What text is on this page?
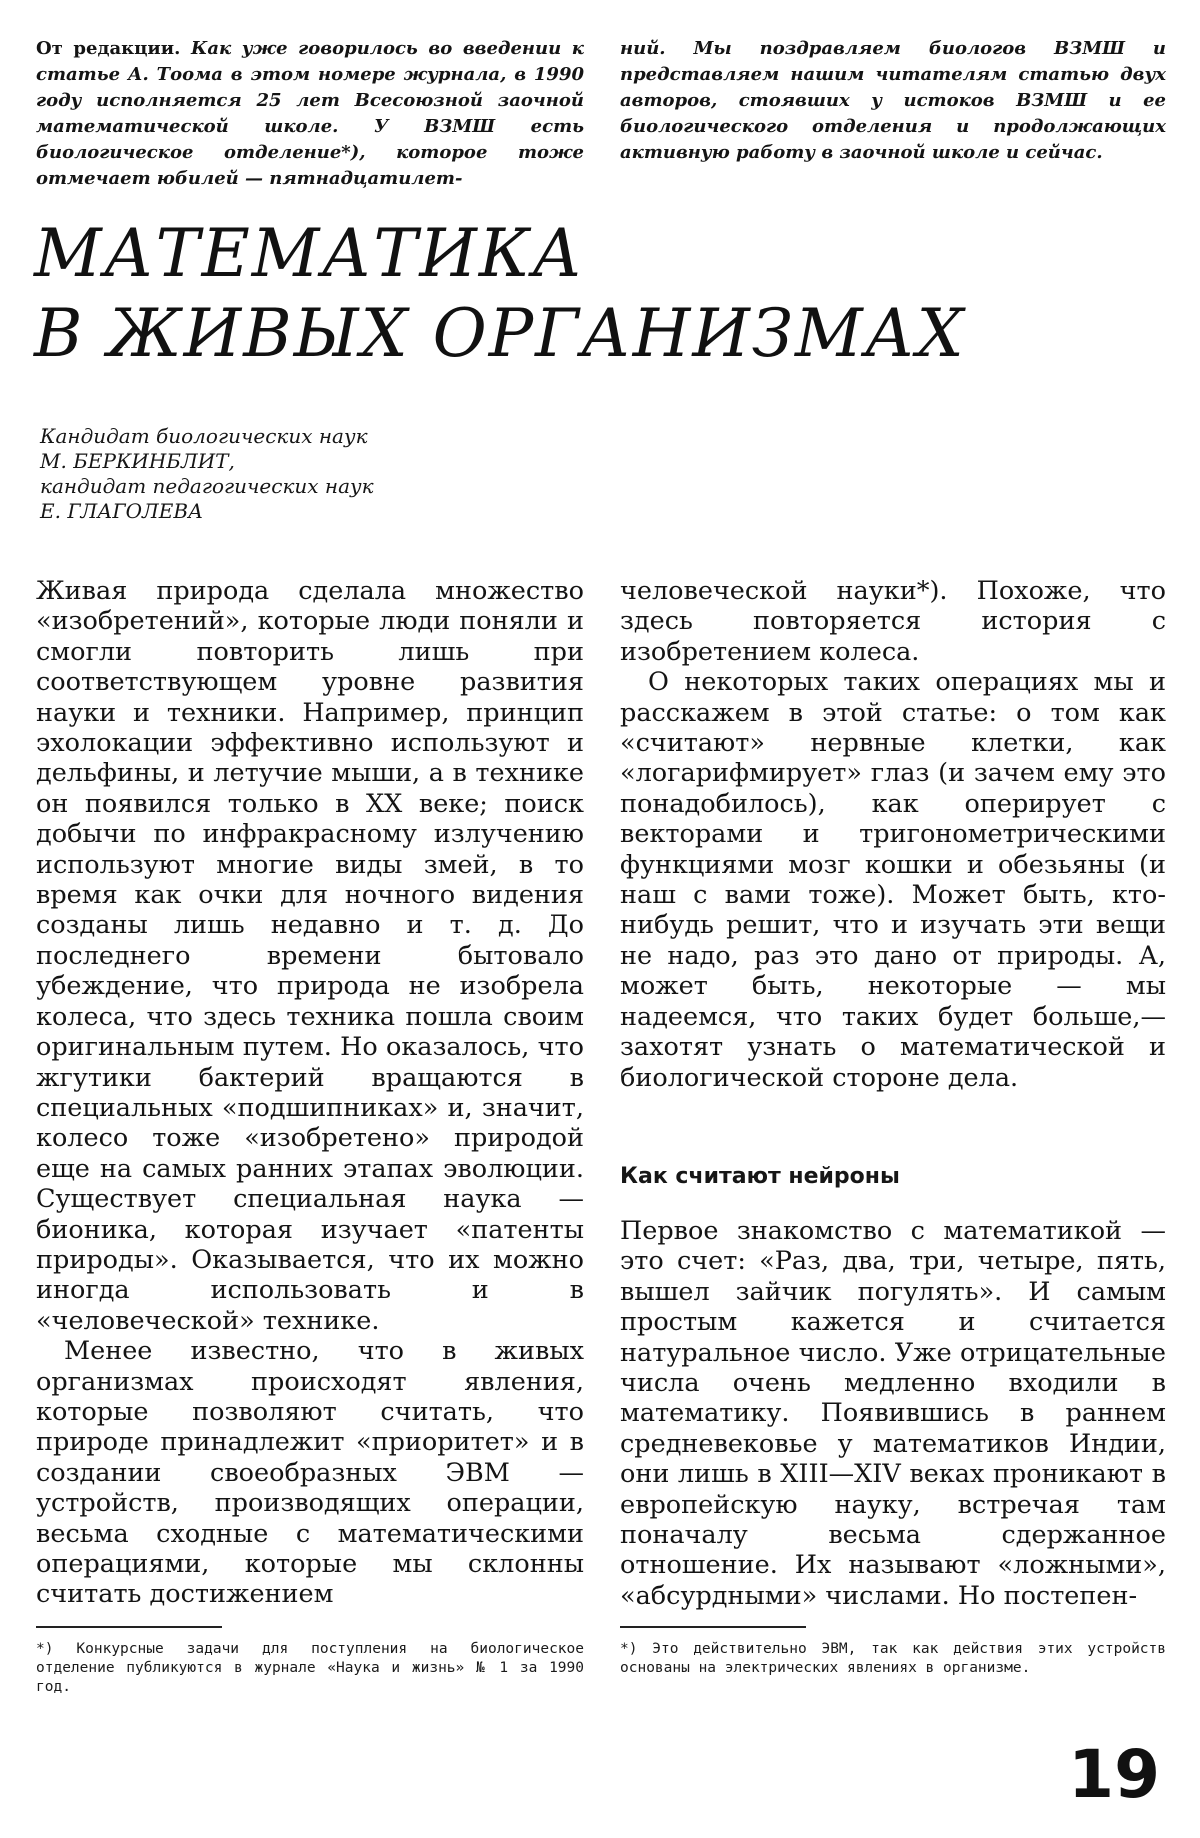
От редакции. Как уже говорилось во введении к статье А. Тоома в этом номере журнала, в 1990 году исполняется 25 лет Всесоюзной заочной математической школе. У ВЗМШ есть биологическое отделение*), которое тоже отмечает юбилей — пятнадцатилет-
ний. Мы поздравляем биологов ВЗМШ и представляем нашим читателям статью двух авторов, стоявших у истоков ВЗМШ и ее биологического отделения и продолжающих активную работу в заочной школе и сейчас.
МАТЕМАТИКА
В ЖИВЫХ ОРГАНИЗМАХ
Кандидат биологических наук
М. БЕРКИНБЛИТ,
кандидат педагогических наук
Е. ГЛАГОЛЕВА

Живая природа сделала множество «изобретений», которые люди поняли и смогли повторить лишь при соответствующем уровне развития науки и техники. Например, принцип эхолокации эффективно используют и дельфины, и летучие мыши, а в технике он появился только в XX веке; поиск добычи по инфракрасному излучению используют многие виды змей, в то время как очки для ночного видения созданы лишь недавно и т. д. До последнего времени бытовало убеждение, что природа не изобрела колеса, что здесь техника пошла своим оригинальным путем. Но оказалось, что жгутики бактерий вращаются в специальных «подшипниках» и, значит, колесо тоже «изобретено» природой еще на самых ранних этапах эволюции. Существует специальная наука — бионика, которая изучает «патенты природы». Оказывается, что их можно иногда использовать и в «человеческой» технике.

Менее известно, что в живых организмах происходят явления, которые позволяют считать, что природе принадлежит «приоритет» и в создании своеобразных ЭВМ — устройств, производящих операции, весьма сходные с математическими операциями, которые мы склонны считать достижением

человеческой науки*). Похоже, что здесь повторяется история с изобретением колеса.

О некоторых таких операциях мы и расскажем в этой статье: о том как «считают» нервные клетки, как «логарифмирует» глаз (и зачем ему это понадобилось), как оперирует с векторами и тригонометрическими функциями мозг кошки и обезьяны (и наш с вами тоже). Может быть, кто-нибудь решит, что и изучать эти вещи не надо, раз это дано от природы. А, может быть, некоторые — мы надеемся, что таких будет больше,— захотят узнать о математической и биологической стороне дела.

Как считают нейроны

Первое знакомство с математикой — это счет: «Раз, два, три, четыре, пять, вышел зайчик погулять». И самым простым кажется и считается натуральное число. Уже отрицательные числа очень медленно входили в математику. Появившись в раннем средневековье у математиков Индии, они лишь в XIII—XIV веках проникают в европейскую науку, встречая там поначалу весьма сдержанное отношение. Их называют «ложными», «абсурдными» числами. Но постепен-

*) Конкурсные задачи для поступления на биологическое отделение публикуются в журнале «Наука и жизнь» № 1 за 1990 год.
*) Это действительно ЭВМ, так как действия этих устройств основаны на электрических явлениях в организме.
19
